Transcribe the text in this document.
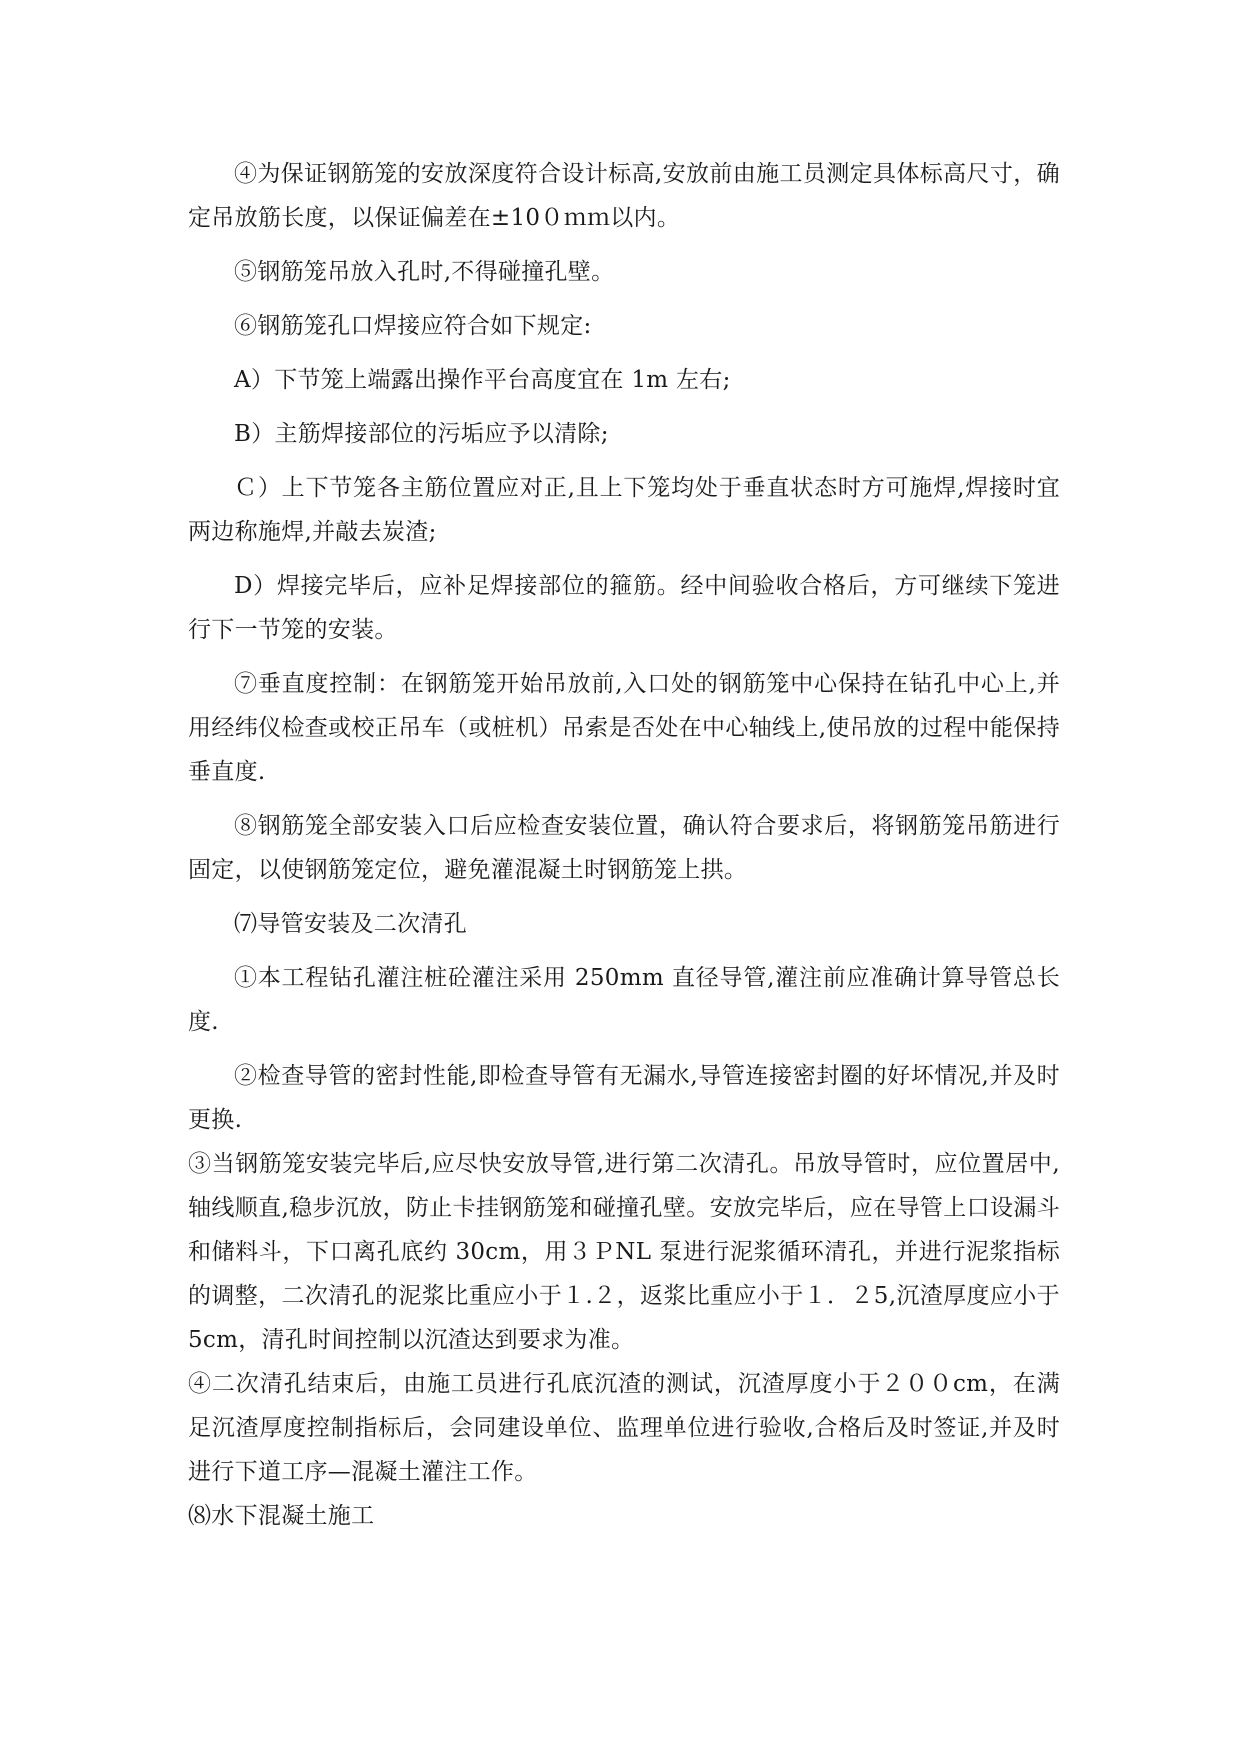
④为保证钢筋笼的安放深度符合设计标高,安放前由施工员测定具体标高尺寸，确定吊放筋长度，以保证偏差在±10０ｍｍ以内。

⑤钢筋笼吊放入孔时,不得碰撞孔壁。

⑥钢筋笼孔口焊接应符合如下规定:

A）下节笼上端露出操作平台高度宜在 1m 左右;

B）主筋焊接部位的污垢应予以清除;

Ｃ）上下节笼各主筋位置应对正,且上下笼均处于垂直状态时方可施焊,焊接时宜两边称施焊,并敲去炭渣;

D）焊接完毕后，应补足焊接部位的箍筋。经中间验收合格后，方可继续下笼进行下一节笼的安装。

⑦垂直度控制：在钢筋笼开始吊放前,入口处的钢筋笼中心保持在钻孔中心上,并用经纬仪检查或校正吊车（或桩机）吊索是否处在中心轴线上,使吊放的过程中能保持垂直度.

⑧钢筋笼全部安装入口后应检查安装位置，确认符合要求后，将钢筋笼吊筋进行固定，以使钢筋笼定位，避免灌混凝土时钢筋笼上拱。

⑺导管安装及二次清孔

①本工程钻孔灌注桩砼灌注采用 250mm 直径导管,灌注前应准确计算导管总长度.

②检查导管的密封性能,即检查导管有无漏水,导管连接密封圈的好坏情况,并及时更换.

③当钢筋笼安装完毕后,应尽快安放导管,进行第二次清孔。吊放导管时，应位置居中,轴线顺直,稳步沉放，防止卡挂钢筋笼和碰撞孔壁。安放完毕后，应在导管上口设漏斗和储料斗，下口离孔底约 30cm，用３ＰNL 泵进行泥浆循环清孔，并进行泥浆指标的调整，二次清孔的泥浆比重应小于１.２，返浆比重应小于１．２5,沉渣厚度应小于 5cm，清孔时间控制以沉渣达到要求为准。

④二次清孔结束后，由施工员进行孔底沉渣的测试，沉渣厚度小于２００cm，在满足沉渣厚度控制指标后，会同建设单位、监理单位进行验收,合格后及时签证,并及时进行下道工序—混凝土灌注工作。

⑻水下混凝土施工
